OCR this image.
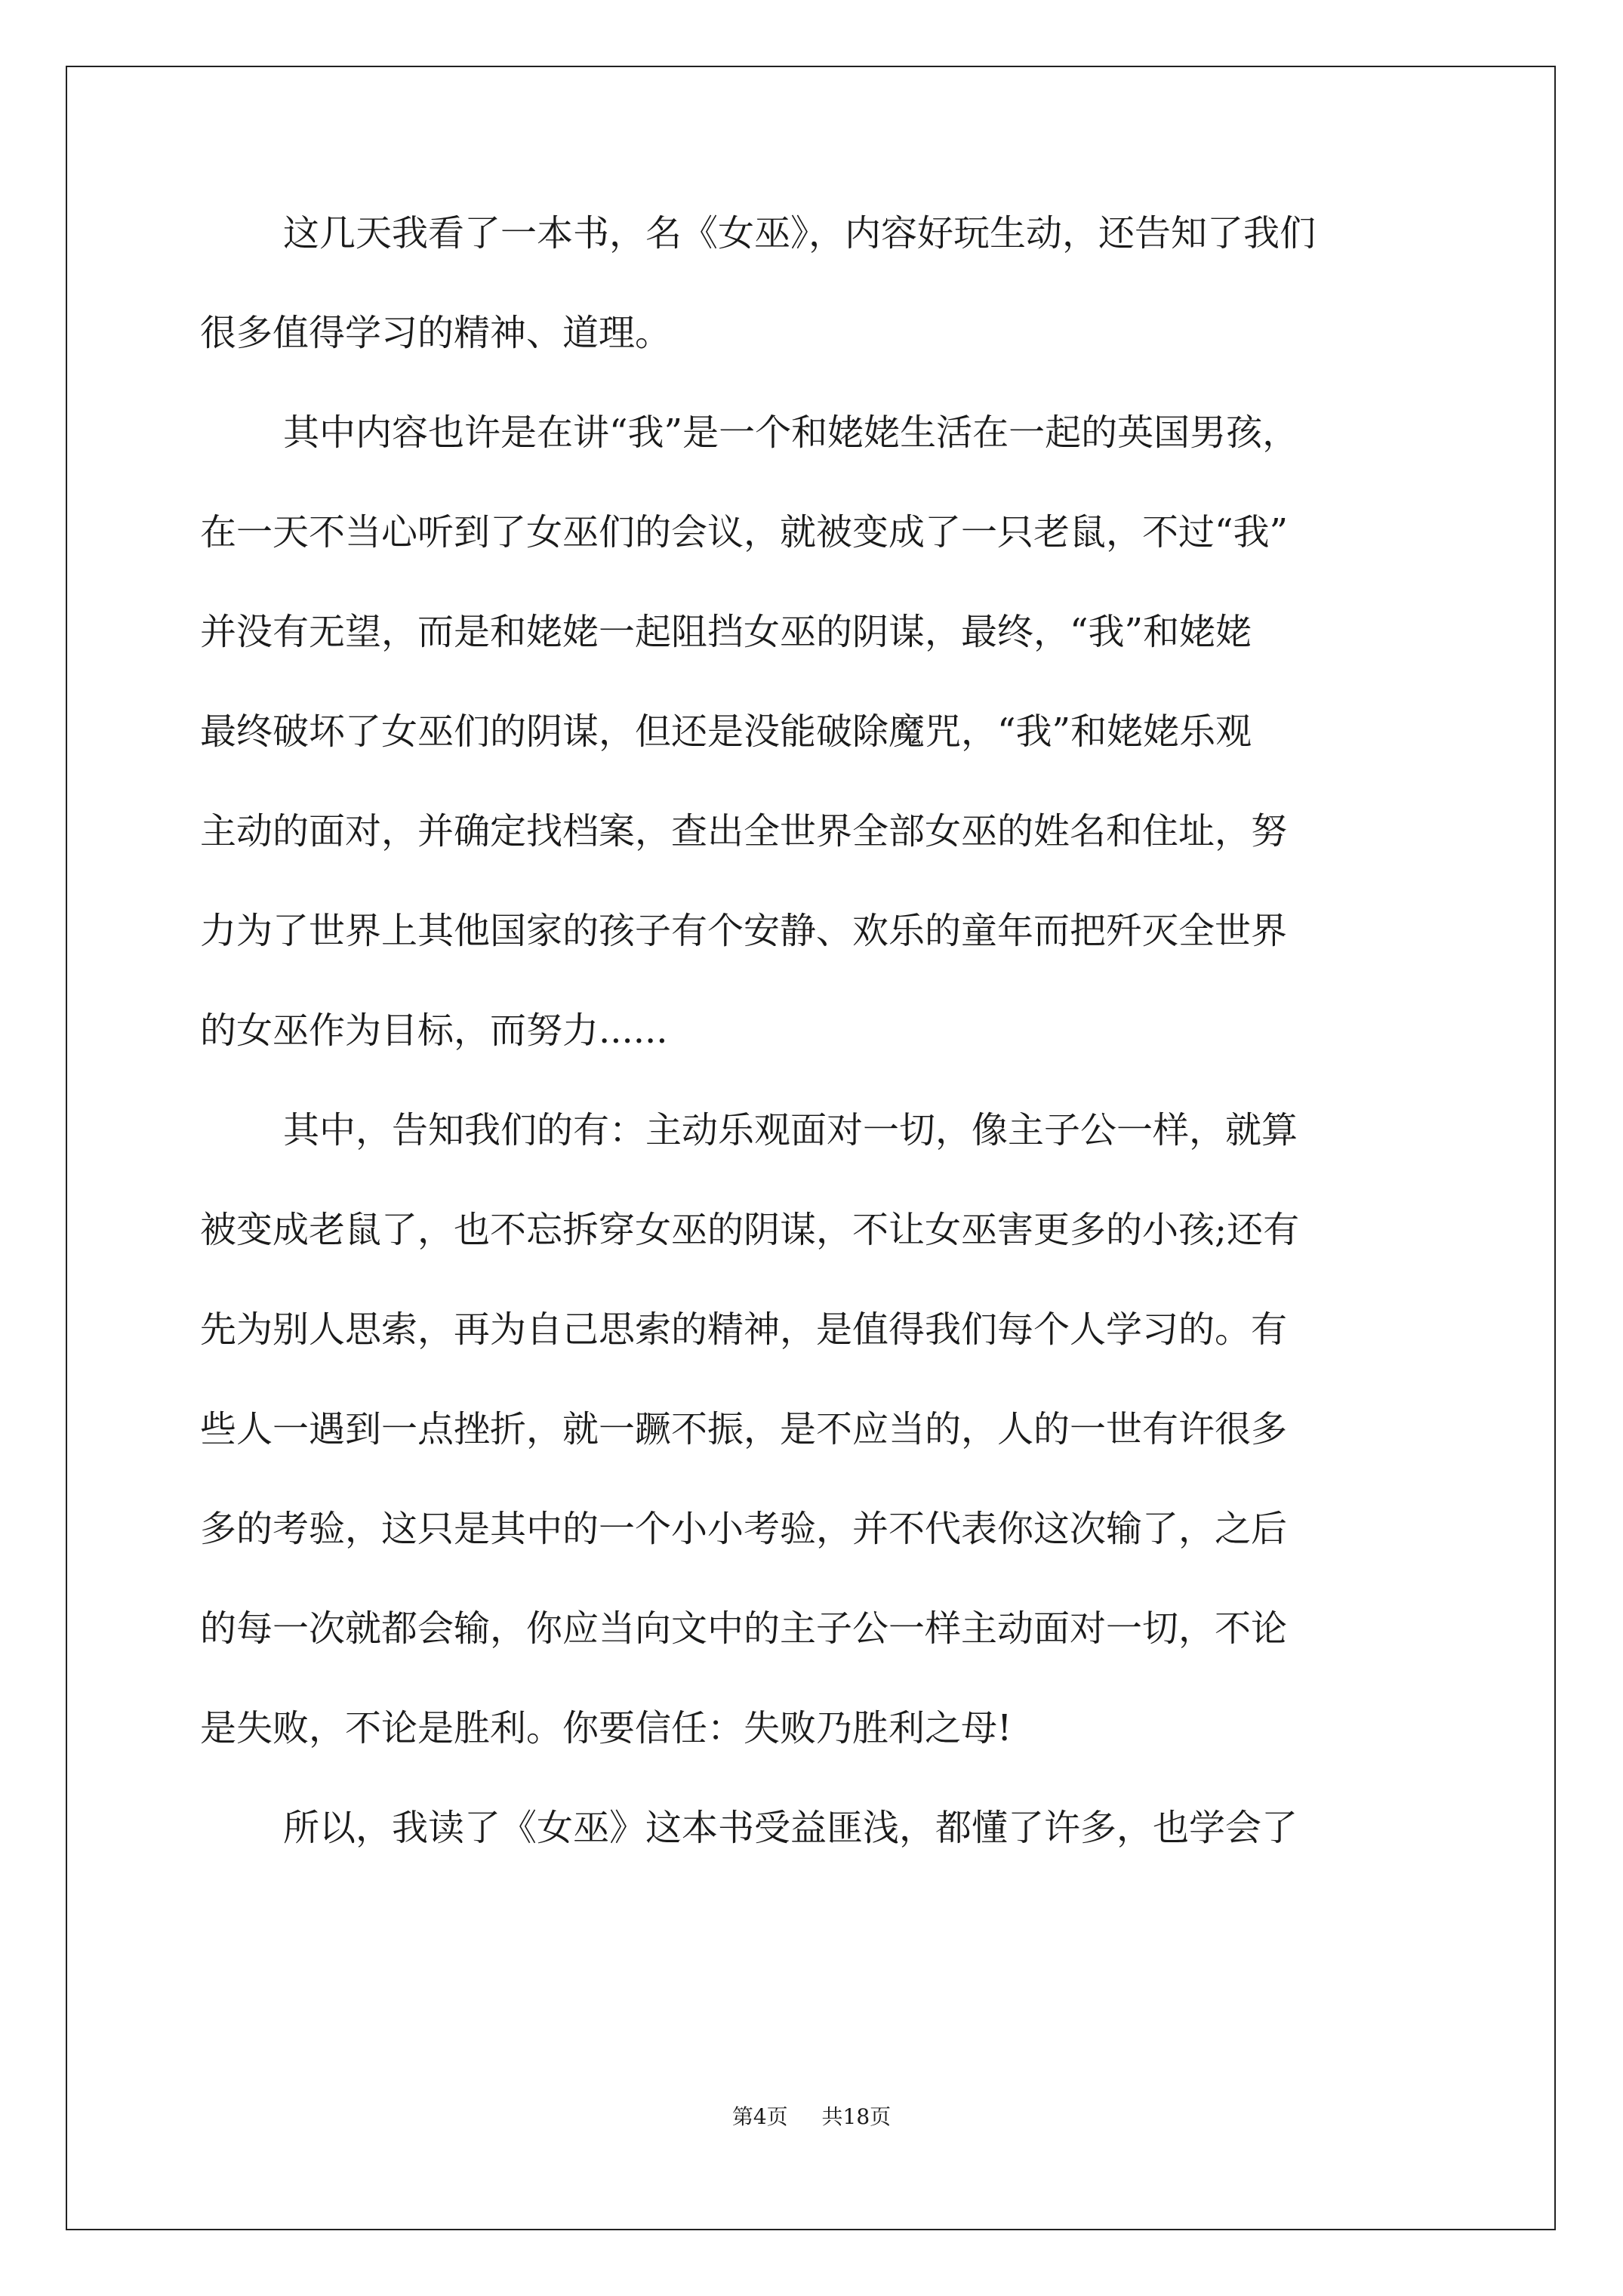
这几天我看了一本书，名《女巫》，内容好玩生动，还告知了我们
很多值得学习的精神、道理。
其中内容也许是在讲“我”是一个和姥姥生活在一起的英国男孩，
在一天不当心听到了女巫们的会议，就被变成了一只老鼠，不过“我”
并没有无望，而是和姥姥一起阻挡女巫的阴谋，最终，“我”和姥姥
最终破坏了女巫们的阴谋，但还是没能破除魔咒，“我”和姥姥乐观
主动的面对，并确定找档案，查出全世界全部女巫的姓名和住址，努
力为了世界上其他国家的孩子有个安静、欢乐的童年而把歼灭全世界
的女巫作为目标，而努力......
其中，告知我们的有：主动乐观面对一切，像主子公一样，就算
被变成老鼠了，也不忘拆穿女巫的阴谋，不让女巫害更多的小孩;还有
先为别人思索，再为自己思索的精神，是值得我们每个人学习的。有
些人一遇到一点挫折，就一蹶不振，是不应当的，人的一世有许很多
多的考验，这只是其中的一个小小考验，并不代表你这次输了，之后
的每一次就都会输，你应当向文中的主子公一样主动面对一切，不论
是失败，不论是胜利。你要信任：失败乃胜利之母!
所以，我读了《女巫》这本书受益匪浅，都懂了许多，也学会了
第4页 共18页
